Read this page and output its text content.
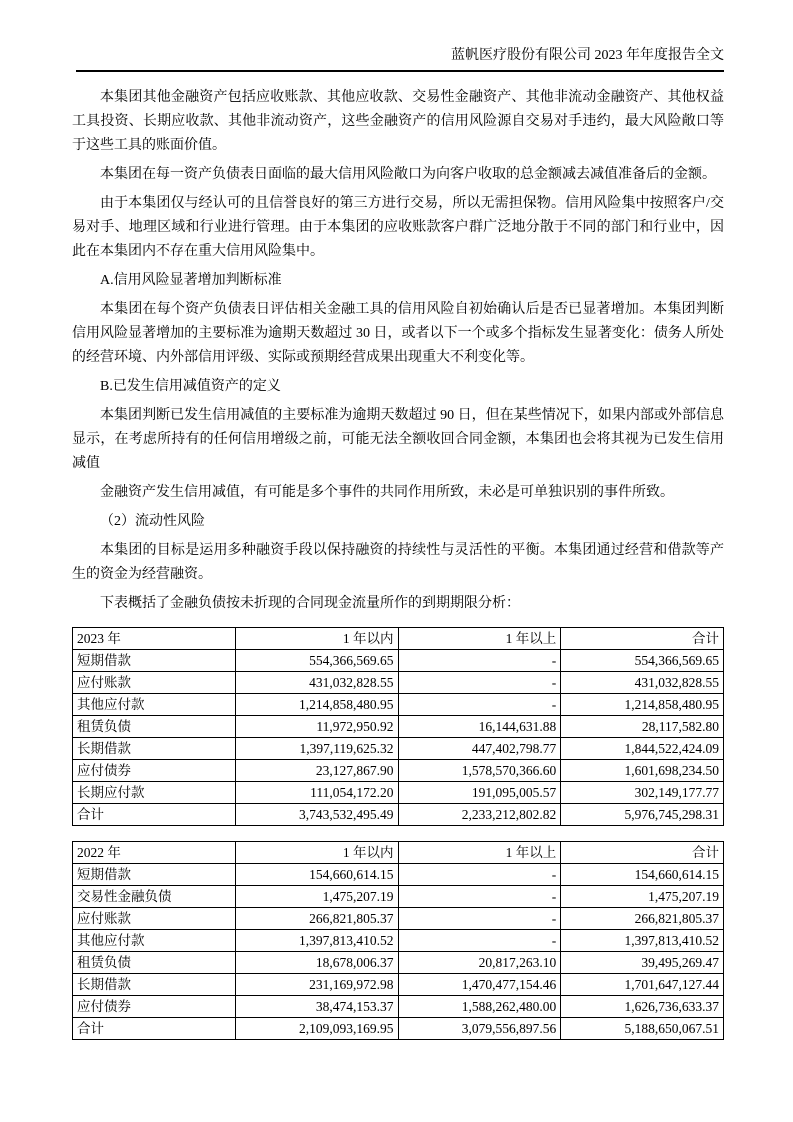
蓝帆医疗股份有限公司 2023 年年度报告全文

本集团其他金融资产包括应收账款、其他应收款、交易性金融资产、其他非流动金融资产、其他权益工具投资、长期应收款、其他非流动资产，这些金融资产的信用风险源自交易对手违约，最大风险敞口等于这些工具的账面价值。

本集团在每一资产负债表日面临的最大信用风险敞口为向客户收取的总金额减去减值准备后的金额。

由于本集团仅与经认可的且信誉良好的第三方进行交易，所以无需担保物。信用风险集中按照客户/交易对手、地理区域和行业进行管理。由于本集团的应收账款客户群广泛地分散于不同的部门和行业中，因此在本集团内不存在重大信用风险集中。

A.信用风险显著增加判断标准

本集团在每个资产负债表日评估相关金融工具的信用风险自初始确认后是否已显著增加。本集团判断信用风险显著增加的主要标准为逾期天数超过 30 日，或者以下一个或多个指标发生显著变化：债务人所处的经营环境、内外部信用评级、实际或预期经营成果出现重大不利变化等。

B.已发生信用减值资产的定义

本集团判断已发生信用减值的主要标准为逾期天数超过 90 日，但在某些情况下，如果内部或外部信息显示，在考虑所持有的任何信用增级之前，可能无法全额收回合同金额，本集团也会将其视为已发生信用减值

金融资产发生信用减值，有可能是多个事件的共同作用所致，未必是可单独识别的事件所致。

（2）流动性风险

本集团的目标是运用多种融资手段以保持融资的持续性与灵活性的平衡。本集团通过经营和借款等产生的资金为经营融资。

下表概括了金融负债按未折现的合同现金流量所作的到期期限分析：

2023 年	1 年以内	1 年以上	合计
短期借款	554,366,569.65	-	554,366,569.65
应付账款	431,032,828.55	-	431,032,828.55
其他应付款	1,214,858,480.95	-	1,214,858,480.95
租赁负债	11,972,950.92	16,144,631.88	28,117,582.80
长期借款	1,397,119,625.32	447,402,798.77	1,844,522,424.09
应付债券	23,127,867.90	1,578,570,366.60	1,601,698,234.50
长期应付款	111,054,172.20	191,095,005.57	302,149,177.77
合计	3,743,532,495.49	2,233,212,802.82	5,976,745,298.31
2022 年	1 年以内	1 年以上	合计
短期借款	154,660,614.15	-	154,660,614.15
交易性金融负债	1,475,207.19	-	1,475,207.19
应付账款	266,821,805.37	-	266,821,805.37
其他应付款	1,397,813,410.52	-	1,397,813,410.52
租赁负债	18,678,006.37	20,817,263.10	39,495,269.47
长期借款	231,169,972.98	1,470,477,154.46	1,701,647,127.44
应付债券	38,474,153.37	1,588,262,480.00	1,626,736,633.37
合计	2,109,093,169.95	3,079,556,897.56	5,188,650,067.51
